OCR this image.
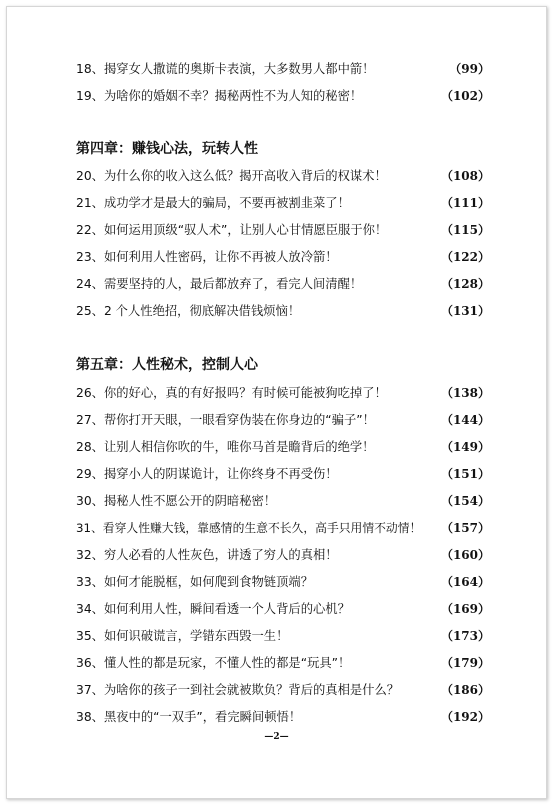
18、揭穿女人撒谎的奥斯卡表演，大多数男人都中箭！	（99）
19、为啥你的婚姻不幸？揭秘两性不为人知的秘密！	（102）
第四章：赚钱心法，玩转人性
20、为什么你的收入这么低？揭开高收入背后的权谋术！	（108）
21、成功学才是最大的骗局，不要再被割韭菜了！	（111）
22、如何运用顶级“驭人术”，让别人心甘情愿臣服于你！	（115）
23、如何利用人性密码，让你不再被人放冷箭！	（122）
24、需要坚持的人，最后都放弃了，看完人间清醒！	（128）
25、2 个人性绝招，彻底解决借钱烦恼！	（131）
第五章：人性秘术，控制人心
26、你的好心，真的有好报吗？有时候可能被狗吃掉了！	（138）
27、帮你打开天眼，一眼看穿伪装在你身边的“骗子”！	（144）
28、让别人相信你吹的牛，唯你马首是瞻背后的绝学！	（149）
29、揭穿小人的阴谋诡计，让你终身不再受伤！	（151）
30、揭秘人性不愿公开的阴暗秘密！	（154）
31、看穿人性赚大钱，靠感情的生意不长久，高手只用情不动情！ （157）
32、穷人必看的人性灰色，讲透了穷人的真相！	（160）
33、如何才能脱框，如何爬到食物链顶端？	（164）
34、如何利用人性，瞬间看透一个人背后的心机？	（169）
35、如何识破谎言，学错东西毁一生！	（173）
36、懂人性的都是玩家，不懂人性的都是“玩具”！	（179）
37、为啥你的孩子一到社会就被欺负？背后的真相是什么？	（186）
38、黑夜中的“一双手”，看完瞬间顿悟！	（192）
—2—
